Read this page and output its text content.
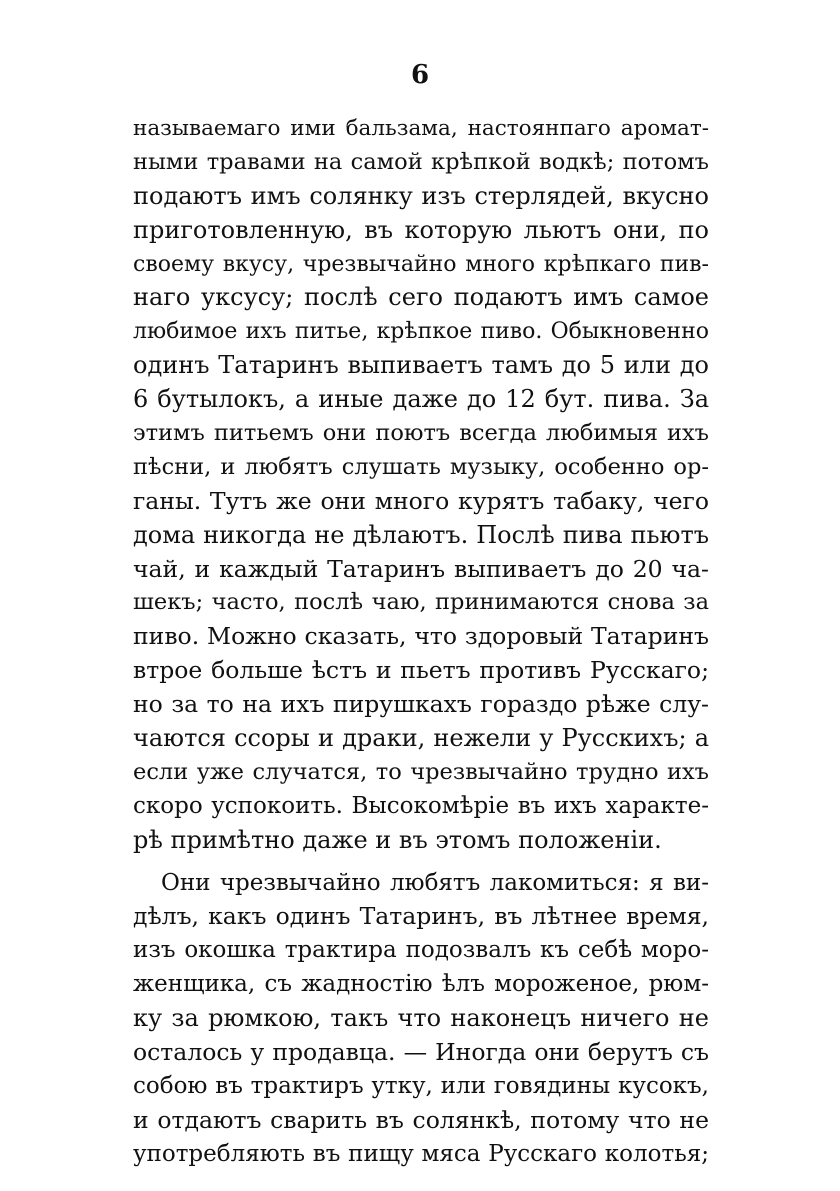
6
называемаго ими бальзама, настоянпаго аромат-
ными травами на самой крѣпкой водкѣ; потомъ
подаютъ имъ солянку изъ стерлядей, вкусно
приготовленную, въ которую льютъ они, по
своему вкусу, чрезвычайно много крѣпкаго пив-
наго уксусу; послѣ сего подаютъ имъ самое
любимое ихъ питье, крѣпкое пиво. Обыкновенно
одинъ Татаринъ выпиваетъ тамъ до 5 или до
6 бутылокъ, а иные даже до 12 бут. пива. За
этимъ питьемъ они поютъ всегда любимыя ихъ
пѣсни, и любятъ слушать музыку, особенно ор-
ганы. Тутъ же они много курятъ табаку, чего
дома никогда не дѣлаютъ. Послѣ пива пьютъ
чай, и каждый Татаринъ выпиваетъ до 20 ча-
шекъ; часто, послѣ чаю, принимаются снова за
пиво. Можно сказать, что здоровый Татаринъ
втрое больше ѣстъ и пьетъ противъ Русскаго;
но за то на ихъ пирушкахъ гораздо рѣже слу-
чаются ссоры и драки, нежели у Русскихъ; а
если уже случатся, то чрезвычайно трудно ихъ
скоро успокоить. Высокомѣріе въ ихъ характе-
рѣ примѣтно даже и въ этомъ положеніи.
Они чрезвычайно любятъ лакомиться: я ви-
дѣлъ, какъ одинъ Татаринъ, въ лѣтнее время,
изъ окошка трактира подозвалъ къ себѣ моро-
женщика, съ жадностію ѣлъ мороженое, рюм-
ку за рюмкою, такъ что наконецъ ничего не
осталось у продавца. — Иногда они берутъ съ
собою въ трактиръ утку, или говядины кусокъ,
и отдаютъ сварить въ солянкѣ, потому что не
употребляють въ пищу мяса Русскаго колотья;
